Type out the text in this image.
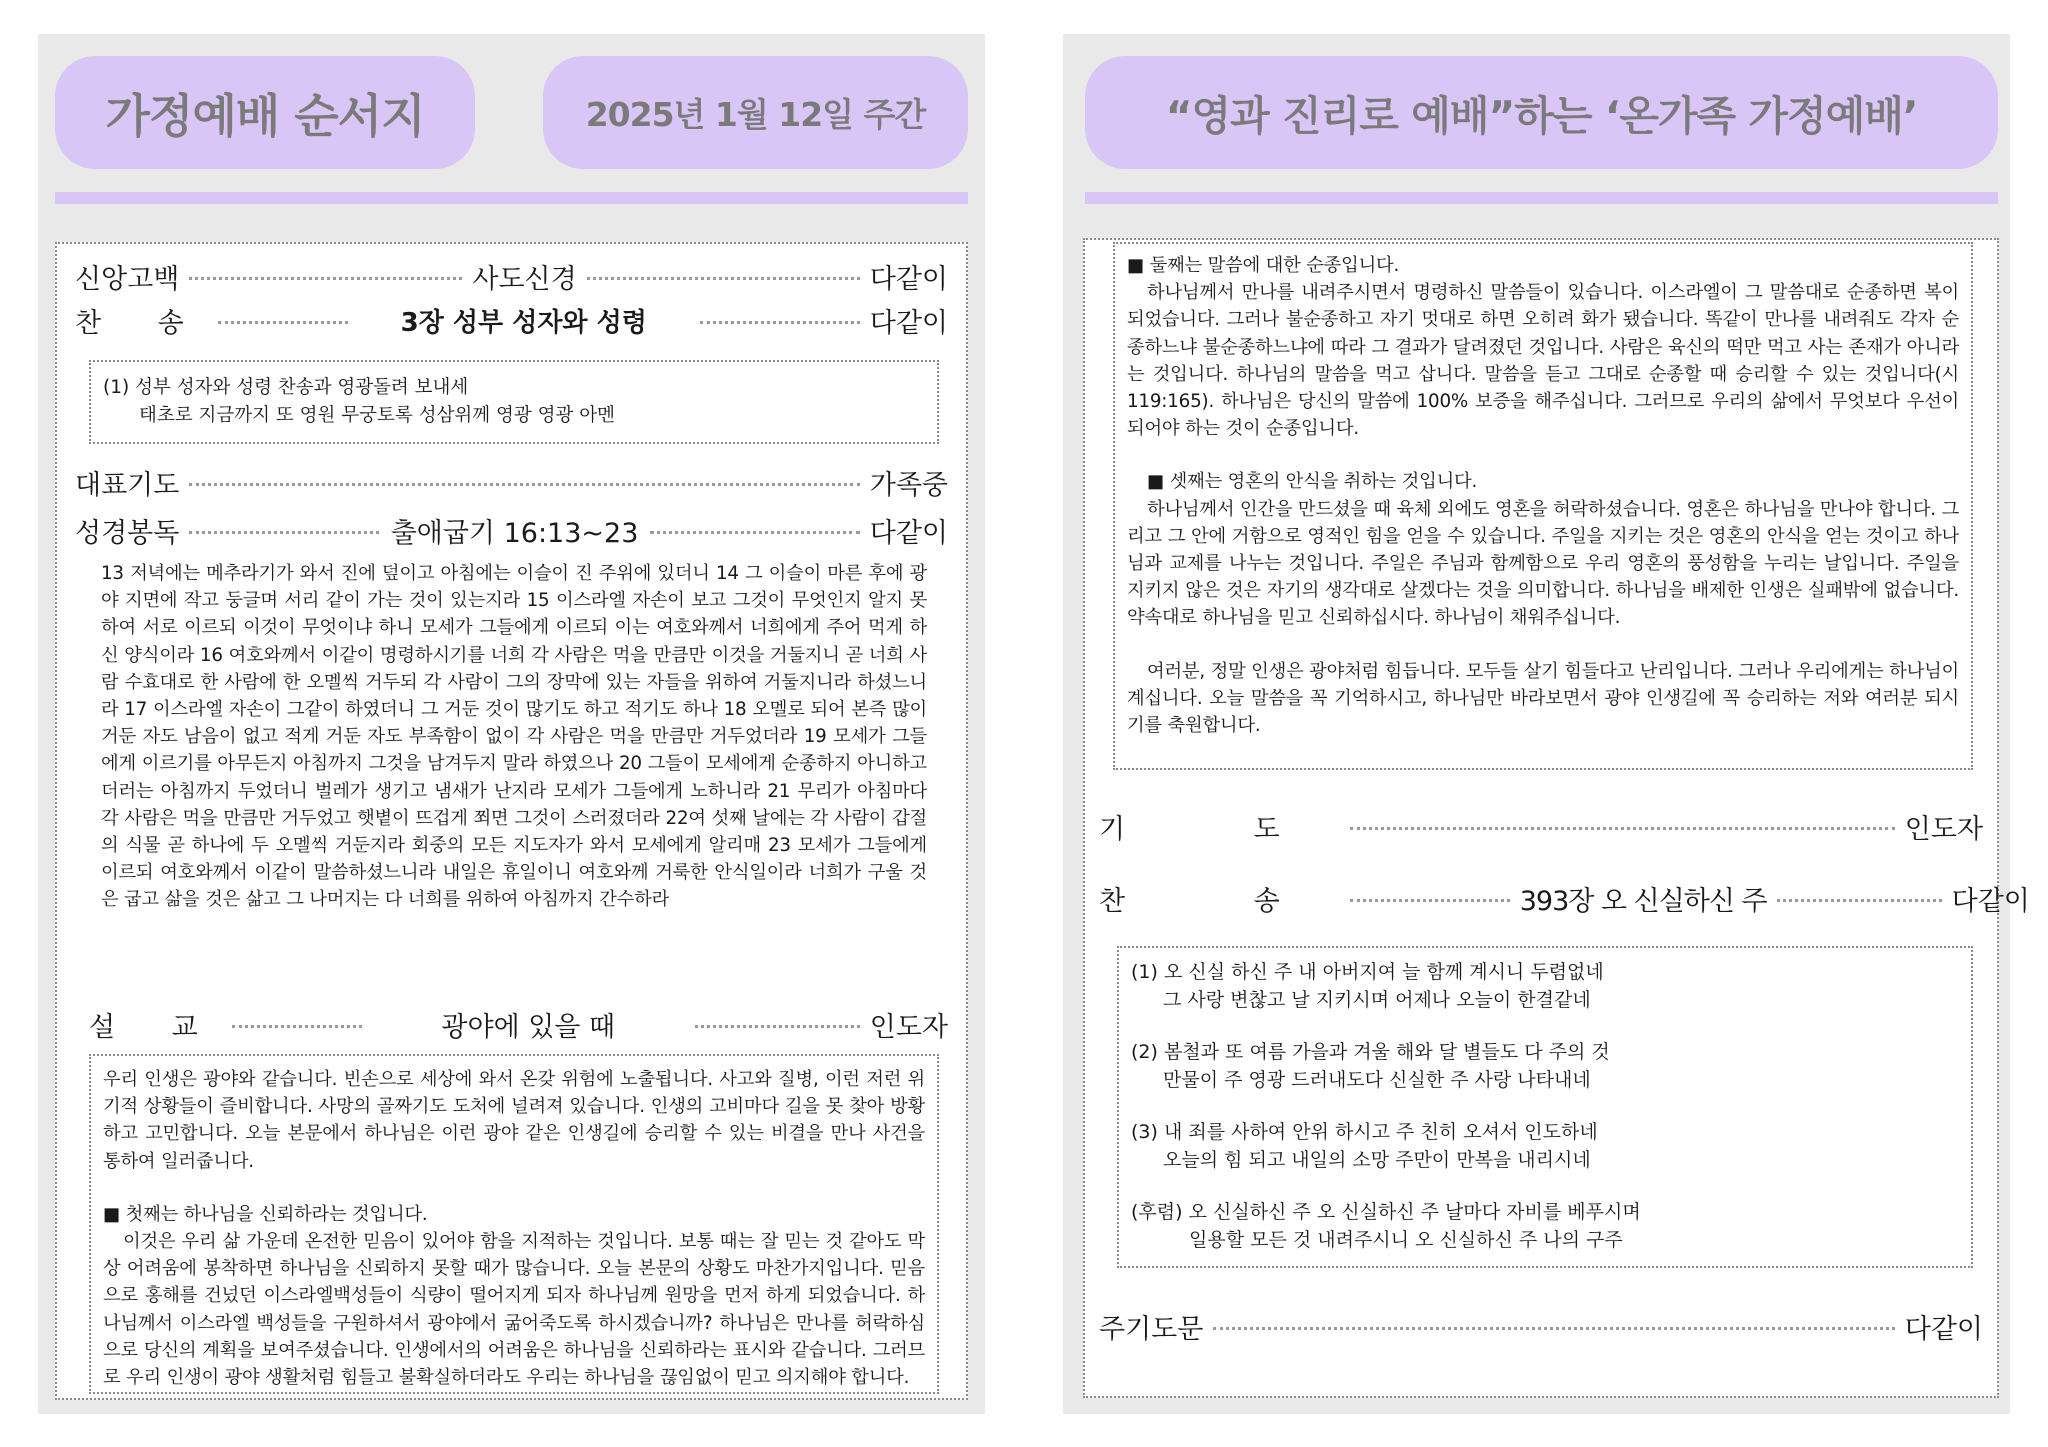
가정예배 순서지	2025년 1월 12일 주간
신앙고백	사도신경	다같이
찬 송	3장 성부 성자와 성령	다같이

(1) 성부 성자와 성령 찬송과 영광돌려 보내세

태초로 지금까지 또 영원 무궁토록 성삼위께 영광 영광 아멘

대표기도	가족중
성경봉독	출애굽기 16:13~23	다같이
13 저녁에는 메추라기가 와서 진에 덮이고 아침에는 이슬이 진 주위에 있더니 14 그 이슬이 마른 후에 광야 지면에 작고 둥글며 서리 같이 가는 것이 있는지라 15 이스라엘 자손이 보고 그것이 무엇인지 알지 못하여 서로 이르되 이것이 무엇이냐 하니 모세가 그들에게 이르되 이는 여호와께서 너희에게 주어 먹게 하신 양식이라 16 여호와께서 이같이 명령하시기를 너희 각 사람은 먹을 만큼만 이것을 거둘지니 곧 너희 사람 수효대로 한 사람에 한 오멜씩 거두되 각 사람이 그의 장막에 있는 자들을 위하여 거둘지니라 하셨느니라 17 이스라엘 자손이 그같이 하였더니 그 거둔 것이 많기도 하고 적기도 하나 18 오멜로 되어 본즉 많이 거둔 자도 남음이 없고 적게 거둔 자도 부족함이 없이 각 사람은 먹을 만큼만 거두었더라 19 모세가 그들에게 이르기를 아무든지 아침까지 그것을 남겨두지 말라 하였으나 20 그들이 모세에게 순종하지 아니하고 더러는 아침까지 두었더니 벌레가 생기고 냄새가 난지라 모세가 그들에게 노하니라 21 무리가 아침마다 각 사람은 먹을 만큼만 거두었고 햇볕이 뜨겁게 쬐면 그것이 스러졌더라 22여 섯째 날에는 각 사람이 갑절의 식물 곧 하나에 두 오멜씩 거둔지라 회중의 모든 지도자가 와서 모세에게 알리매 23 모세가 그들에게 이르되 여호와께서 이같이 말씀하셨느니라 내일은 휴일이니 여호와께 거룩한 안식일이라 너희가 구울 것은 굽고 삶을 것은 삶고 그 나머지는 다 너희를 위하여 아침까지 간수하라
설 교	광야에 있을 때	인도자

우리 인생은 광야와 같습니다. 빈손으로 세상에 와서 온갖 위험에 노출됩니다. 사고와 질병, 이런 저런 위기적 상황들이 즐비합니다. 사망의 골짜기도 도처에 널려져 있습니다. 인생의 고비마다 길을 못 찾아 방황하고 고민합니다. 오늘 본문에서 하나님은 이런 광야 같은 인생길에 승리할 수 있는 비결을 만나 사건을 통하여 일러줍니다.

■ 첫째는 하나님을 신뢰하라는 것입니다.

이것은 우리 삶 가운데 온전한 믿음이 있어야 함을 지적하는 것입니다. 보통 때는 잘 믿는 것 같아도 막상 어려움에 봉착하면 하나님을 신뢰하지 못할 때가 많습니다. 오늘 본문의 상황도 마찬가지입니다. 믿음으로 홍해를 건넜던 이스라엘백성들이 식량이 떨어지게 되자 하나님께 원망을 먼저 하게 되었습니다. 하나님께서 이스라엘 백성들을 구원하셔서 광야에서 굶어죽도록 하시겠습니까? 하나님은 만나를 허락하심으로 당신의 계획을 보여주셨습니다. 인생에서의 어려움은 하나님을 신뢰하라는 표시와 같습니다. 그러므로 우리 인생이 광야 생활처럼 힘들고 불확실하더라도 우리는 하나님을 끊임없이 믿고 의지해야 합니다.

“영과 진리로 예배”하는 ‘온가족 가정예배’

■ 둘째는 말씀에 대한 순종입니다.

하나님께서 만나를 내려주시면서 명령하신 말씀들이 있습니다. 이스라엘이 그 말씀대로 순종하면 복이 되었습니다. 그러나 불순종하고 자기 멋대로 하면 오히려 화가 됐습니다. 똑같이 만나를 내려줘도 각자 순종하느냐 불순종하느냐에 따라 그 결과가 달려졌던 것입니다. 사람은 육신의 떡만 먹고 사는 존재가 아니라는 것입니다. 하나님의 말씀을 먹고 삽니다. 말씀을 듣고 그대로 순종할 때 승리할 수 있는 것입니다(시119:165). 하나님은 당신의 말씀에 100% 보증을 해주십니다. 그러므로 우리의 삶에서 무엇보다 우선이 되어야 하는 것이 순종입니다.

■ 셋째는 영혼의 안식을 취하는 것입니다.

하나님께서 인간을 만드셨을 때 육체 외에도 영혼을 허락하셨습니다. 영혼은 하나님을 만나야 합니다. 그리고 그 안에 거함으로 영적인 힘을 얻을 수 있습니다. 주일을 지키는 것은 영혼의 안식을 얻는 것이고 하나님과 교제를 나누는 것입니다. 주일은 주님과 함께함으로 우리 영혼의 풍성함을 누리는 날입니다. 주일을 지키지 않은 것은 자기의 생각대로 살겠다는 것을 의미합니다. 하나님을 배제한 인생은 실패밖에 없습니다. 약속대로 하나님을 믿고 신뢰하십시다. 하나님이 채워주십니다.

여러분, 정말 인생은 광야처럼 힘듭니다. 모두들 살기 힘들다고 난리입니다. 그러나 우리에게는 하나님이 계십니다. 오늘 말씀을 꼭 기억하시고, 하나님만 바라보면서 광야 인생길에 꼭 승리하는 저와 여러분 되시기를 축원합니다.

기 도	인도자
찬 송	393장 오 신실하신 주	다같이

(1) 오 신실 하신 주 내 아버지여 늘 함께 계시니 두렴없네

그 사랑 변찮고 날 지키시며 어제나 오늘이 한결같네

(2) 봄철과 또 여름 가을과 겨울 해와 달 별들도 다 주의 것

만물이 주 영광 드러내도다 신실한 주 사랑 나타내네

(3) 내 죄를 사하여 안위 하시고 주 친히 오셔서 인도하네

오늘의 힘 되고 내일의 소망 주만이 만복을 내리시네

(후렴) 오 신실하신 주 오 신실하신 주 날마다 자비를 베푸시며

일용할 모든 것 내려주시니 오 신실하신 주 나의 구주

주기도문	다같이
